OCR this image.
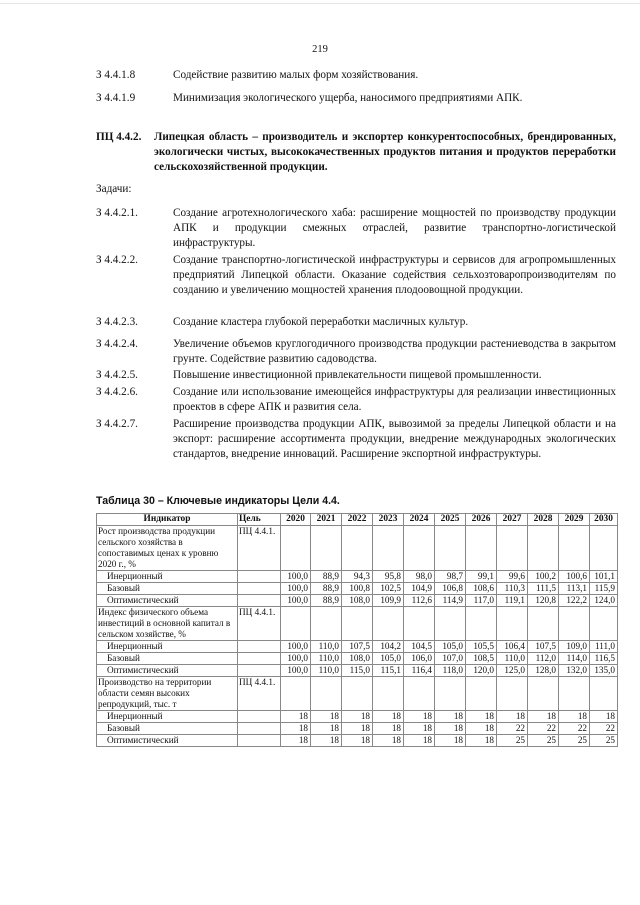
219
З 4.4.1.8	Содействие развитию малых форм хозяйствования.
З 4.4.1.9	Минимизация экологического ущерба, наносимого предприятиями АПК.
ПЦ 4.4.2. Липецкая область – производитель и экспортер конкурентоспособных, брендированных, экологически чистых, высококачественных продуктов питания и продуктов переработки сельскохозяйственной продукции.
Задачи:
З 4.4.2.1.	Создание агротехнологического хаба: расширение мощностей по производству продукции АПК и продукции смежных отраслей, развитие транспортно-логистической инфраструктуры.
З 4.4.2.2.	Создание транспортно-логистической инфраструктуры и сервисов для агропромышленных предприятий Липецкой области. Оказание содействия сельхозтоваропроизводителям по созданию и увеличению мощностей хранения плодоовощной продукции.
З 4.4.2.3.	Создание кластера глубокой переработки масличных культур.
З 4.4.2.4.	Увеличение объемов круглогодичного производства продукции растениеводства в закрытом грунте. Содействие развитию садоводства.
З 4.4.2.5.	Повышение инвестиционной привлекательности пищевой промышленности.
З 4.4.2.6.	Создание или использование имеющейся инфраструктуры для реализации инвестиционных проектов в сфере АПК и развития села.
З 4.4.2.7.	Расширение производства продукции АПК, вывозимой за пределы Липецкой области и на экспорт: расширение ассортимента продукции, внедрение международных экологических стандартов, внедрение инноваций. Расширение экспортной инфраструктуры.
Таблица 30 – Ключевые индикаторы Цели 4.4.
Индикатор	Цель	2020	2021	2022	2023	2024	2025	2026	2027	2028	2029	2030
Рост производства продукции сельского хозяйства в сопоставимых ценах к уровню 2020 г., %	ПЦ 4.4.1.											
Инерционный		100,0	88,9	94,3	95,8	98,0	98,7	99,1	99,6	100,2	100,6	101,1
Базовый		100,0	88,9	100,8	102,5	104,9	106,8	108,6	110,3	111,5	113,1	115,9
Оптимистический		100,0	88,9	108,0	109,9	112,6	114,9	117,0	119,1	120,8	122,2	124,0
Индекс физического объема инвестиций в основной капитал в сельском хозяйстве, %	ПЦ 4.4.1.											
Инерционный		100,0	110,0	107,5	104,2	104,5	105,0	105,5	106,4	107,5	109,0	111,0
Базовый		100,0	110,0	108,0	105,0	106,0	107,0	108,5	110,0	112,0	114,0	116,5
Оптимистический		100,0	110,0	115,0	115,1	116,4	118,0	120,0	125,0	128,0	132,0	135,0
Производство на территории области семян высоких репродукций, тыс. т	ПЦ 4.4.1.											
Инерционный		18	18	18	18	18	18	18	18	18	18	18
Базовый		18	18	18	18	18	18	18	22	22	22	22
Оптимистический		18	18	18	18	18	18	18	25	25	25	25
